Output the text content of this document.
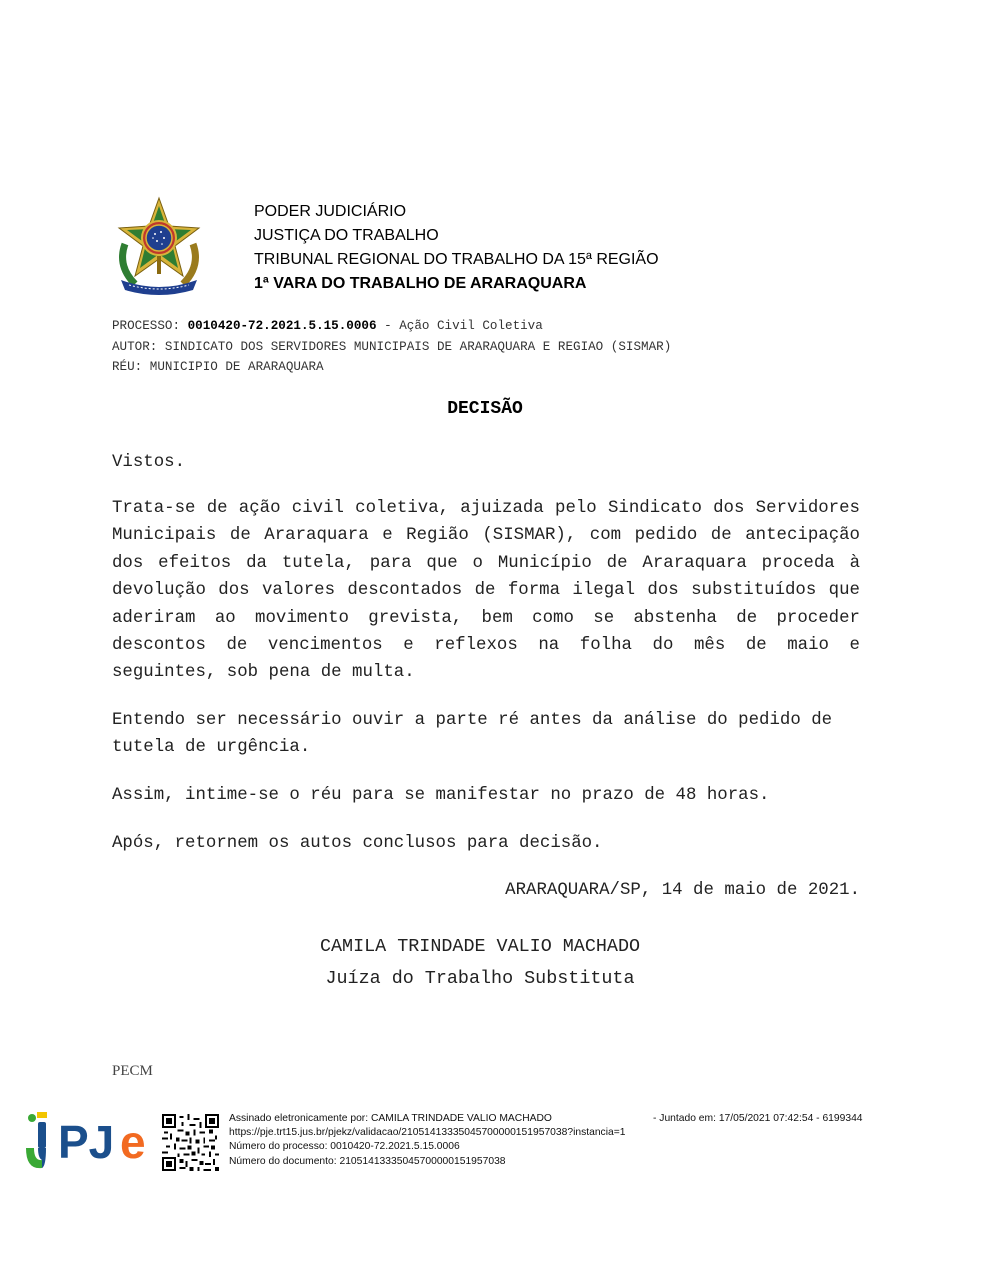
PODER JUDICIÁRIO
JUSTIÇA DO TRABALHO
TRIBUNAL REGIONAL DO TRABALHO DA 15ª REGIÃO
1ª VARA DO TRABALHO DE ARARAQUARA
PROCESSO: 0010420-72.2021.5.15.0006 - Ação Civil Coletiva
AUTOR: SINDICATO DOS SERVIDORES MUNICIPAIS DE ARARAQUARA E REGIAO (SISMAR)
RÉU: MUNICIPIO DE ARARAQUARA
DECISÃO
Vistos.
Trata-se de ação civil coletiva, ajuizada pelo Sindicato dos Servidores Municipais de Araraquara e Região (SISMAR), com pedido de antecipação dos efeitos da tutela, para que o Município de Araraquara proceda à devolução dos valores descontados de forma ilegal dos substituídos que aderiram ao movimento grevista, bem como se abstenha de proceder descontos de vencimentos e reflexos na folha do mês de maio e seguintes, sob pena de multa.
Entendo ser necessário ouvir a parte ré antes da análise do pedido de tutela de urgência.
Assim, intime-se o réu para se manifestar no prazo de 48 horas.
Após, retornem os autos conclusos para decisão.
ARARAQUARA/SP, 14 de maio de 2021.
CAMILA TRINDADE VALIO MACHADO
Juíza do Trabalho Substituta
PECM
PJ e	Assinado eletronicamente por: CAMILA TRINDADE VALIO MACHADO
https://pje.trt15.jus.br/pjekz/validacao/21051413335045700000151957038?instancia=1
Número do processo: 0010420-72.2021.5.15.0006
Número do documento: 21051413335045700000151957038
- Juntado em: 17/05/2021 07:42:54 - 6199344
